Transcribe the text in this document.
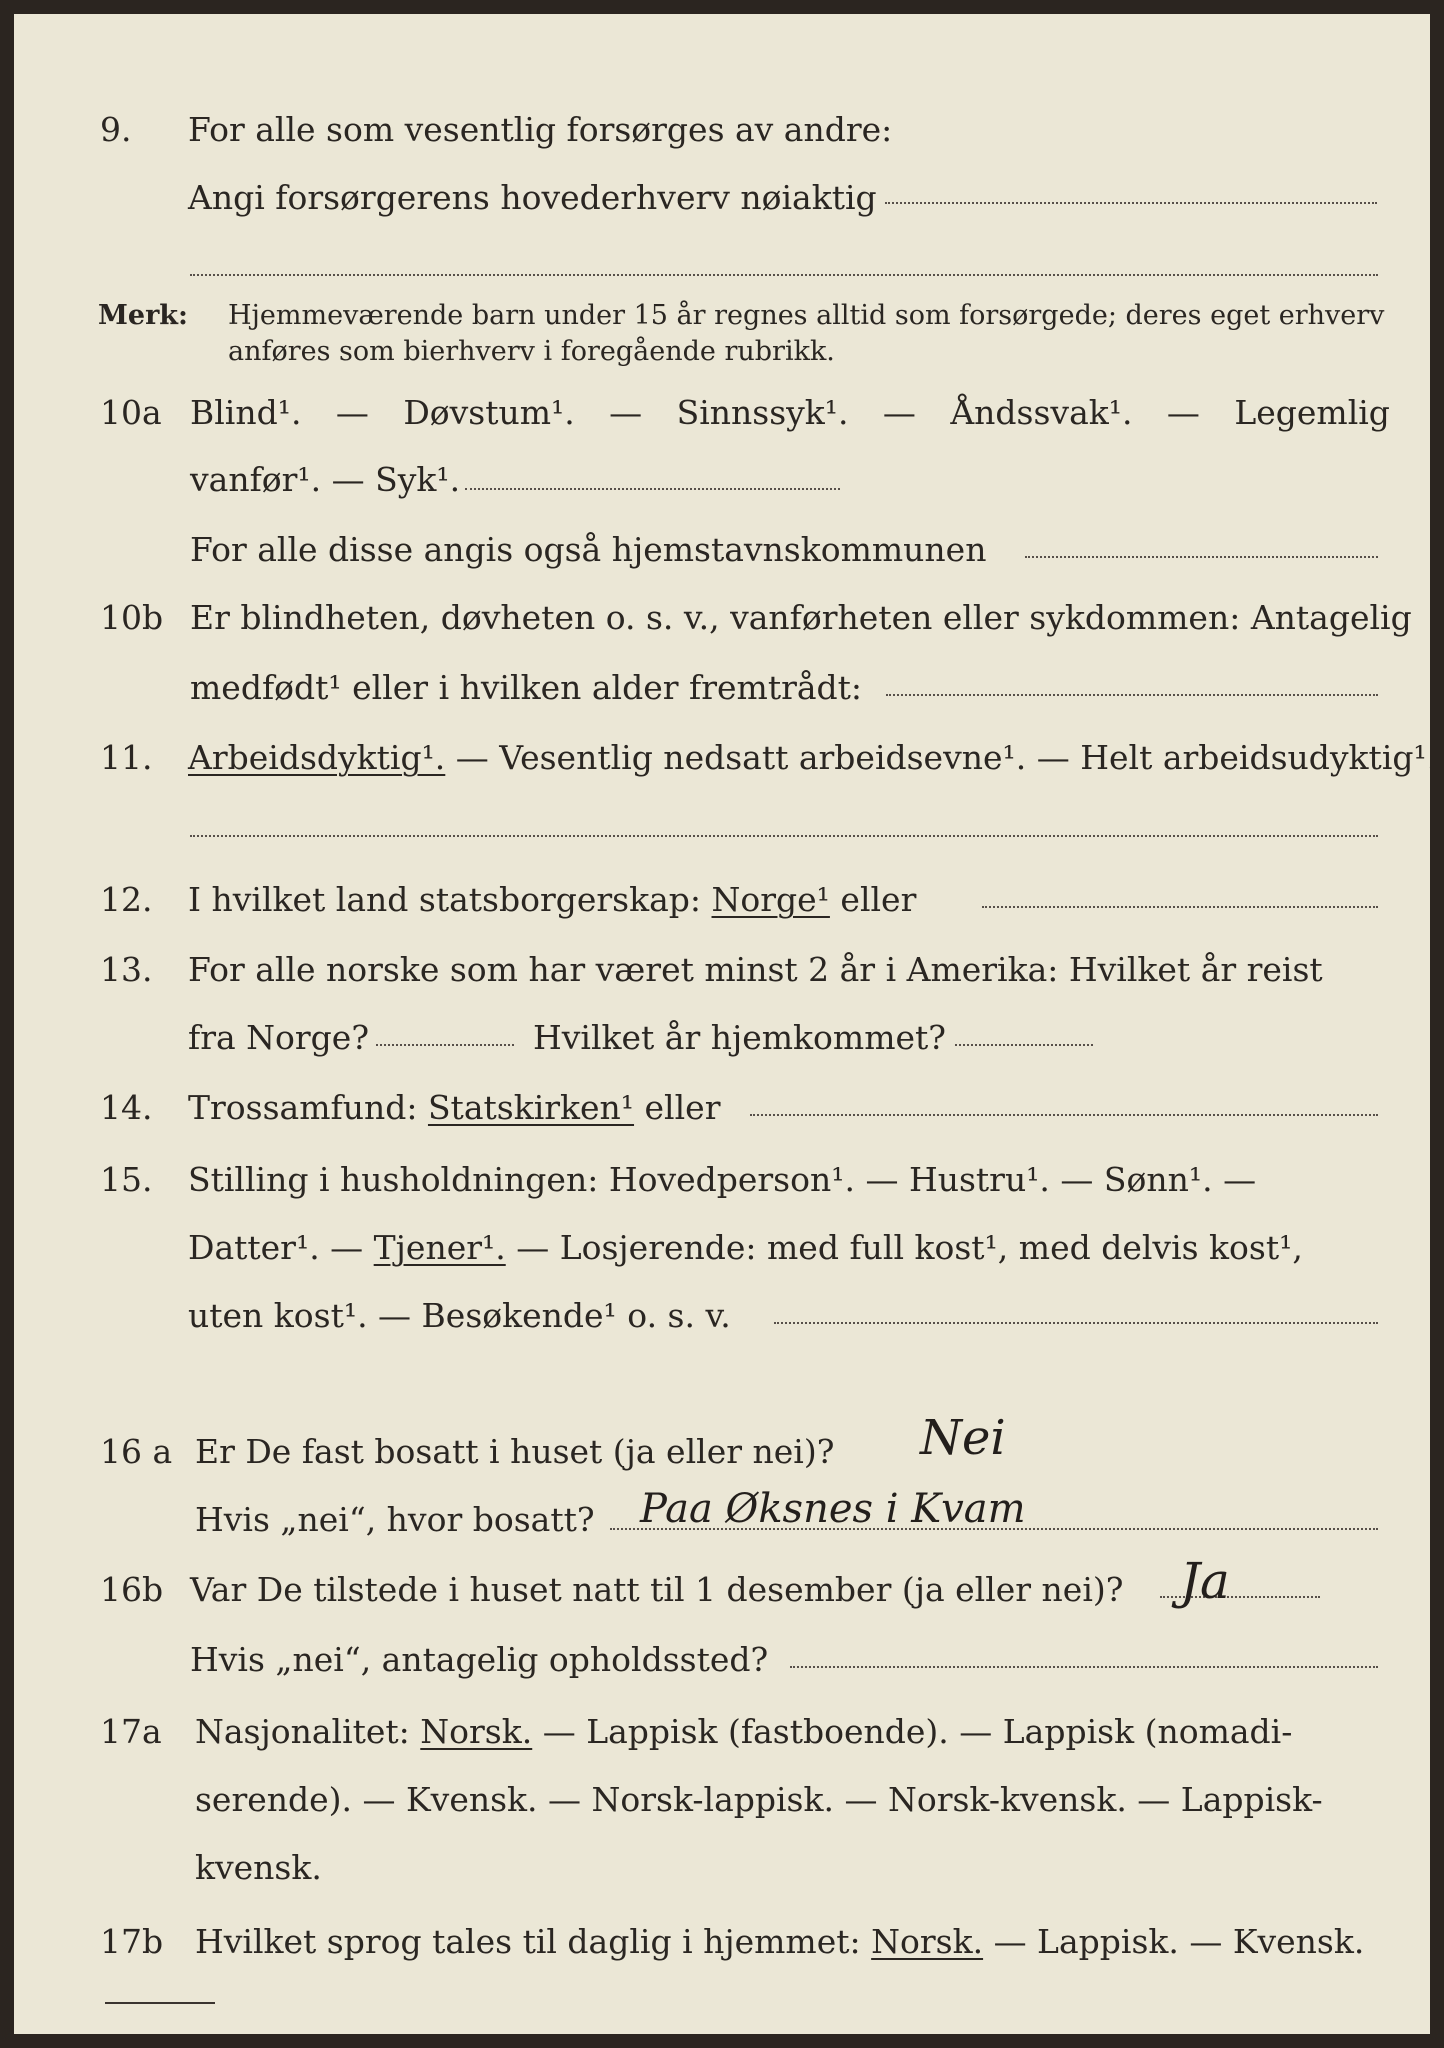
9. For alle som vesentlig forsørges av andre:
Angi forsørgerens hovederhverv nøiaktig
Merk: Hjemmeværende barn under 15 år regnes alltid som forsørgede; deres eget erhverv
anføres som bierhverv i foregående rubrikk.
10a Blind¹. — Døvstum¹. — Sinnssyk¹. — Åndssvak¹. — Legemlig
vanfør¹. — Syk¹.
For alle disse angis også hjemstavnskommunen
10b Er blindheten, døvheten o. s. v., vanførheten eller sykdommen: Antagelig
medfødt¹ eller i hvilken alder fremtrådt:
11. Arbeidsdyktig¹. — Vesentlig nedsatt arbeidsevne¹. — Helt arbeidsudyktig¹.
12. I hvilket land statsborgerskap: Norge¹ eller
13. For alle norske som har været minst 2 år i Amerika: Hvilket år reist
fra Norge?	Hvilket år hjemkommet?
14. Trossamfund: Statskirken¹ eller
15. Stilling i husholdningen: Hovedperson¹. — Hustru¹. — Sønn¹. —
Datter¹. — Tjener¹. — Losjerende: med full kost¹, med delvis kost¹,
uten kost¹. — Besøkende¹ o. s. v.
16 a Er De fast bosatt i huset (ja eller nei)? Nei
Hvis „nei“, hvor bosatt? Paa Øksnes i Kvam
16b Var De tilstede i huset natt til 1 desember (ja eller nei)? Ja
Hvis „nei“, antagelig opholdssted?
17a Nasjonalitet: Norsk. — Lappisk (fastboende). — Lappisk (nomadi-
serende). — Kvensk. — Norsk-lappisk. — Norsk-kvensk. — Lappisk-
kvensk.
17b Hvilket sprog tales til daglig i hjemmet: Norsk. — Lappisk. — Kvensk.
